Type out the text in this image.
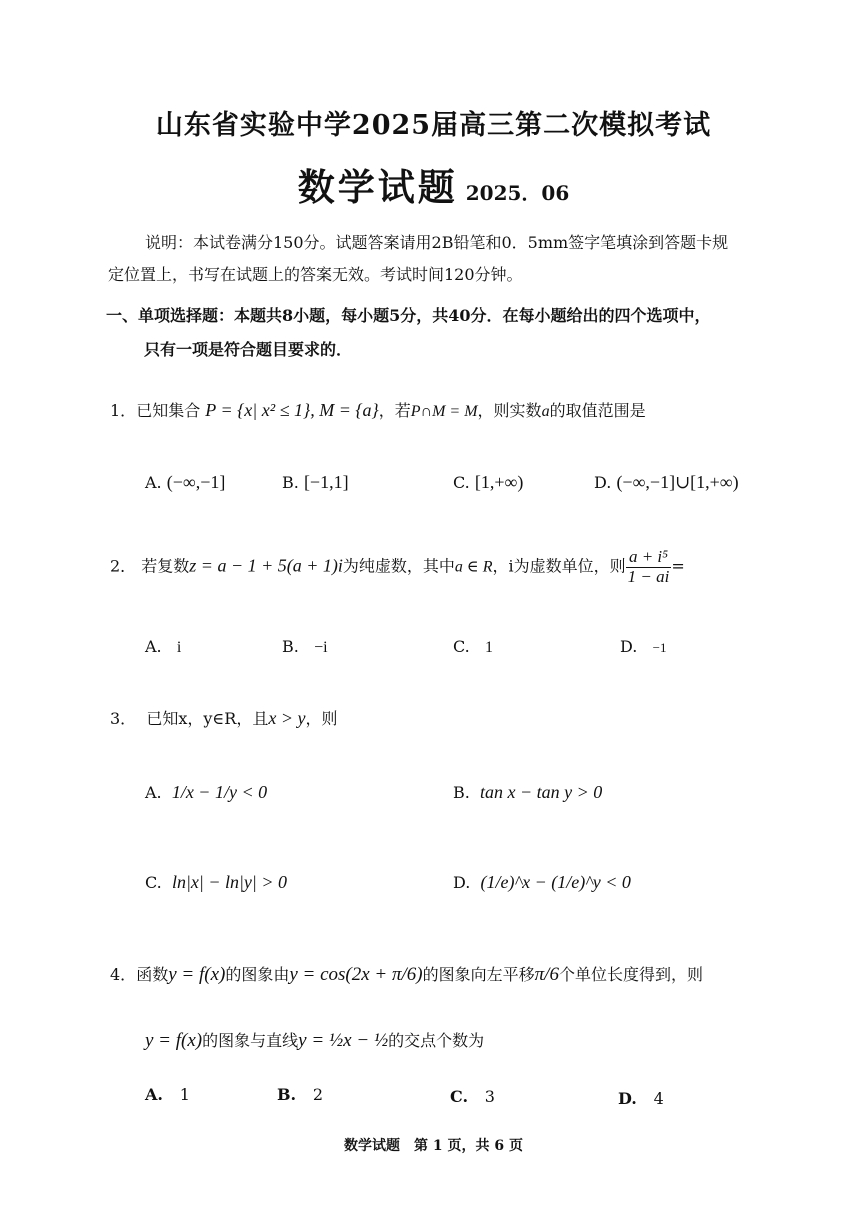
山东省实验中学2025届高三第二次模拟考试
数学试题 2025．06
说明：本试卷满分150分。试题答案请用2B铅笔和0．5mm签字笔填涂到答题卡规
定位置上，书写在试题上的答案无效。考试时间120分钟。
一、单项选择题：本题共8小题，每小题5分，共40分．在每小题给出的四个选项中，
只有一项是符合题目要求的．
1．已知集合 P = {x| x² ≤ 1}, M = {a}，若P∩M = M，则实数a的取值范围是
A. (−∞,−1]	B. [−1,1]	C. [1,+∞)	D. (−∞,−1]∪[1,+∞)
2． 若复数z = a − 1 + 5(a + 1)i为纯虚数，其中a ∈ R，i为虚数单位，则 $\frac{\text{a + i⁵}}{1 - ai}$ =
A. i	B. −i	C. 1	D. −1
3． 已知x，y∈R，且x > y，则
A. 1/x − 1/y < 0	B. tan x − tan y > 0
C. ln|x| − ln|y| > 0	D. (1/e)^x − (1/e)^y < 0
4．函数y = f(x)的图象由y = cos(2x + π/6)的图象向左平移π/6个单位长度得到，则
y = f(x)的图象与直线y = ½x − ½的交点个数为
A. 1	B. 2	C. 3	D. 4
数学试题　第 1 页，共 6 页
